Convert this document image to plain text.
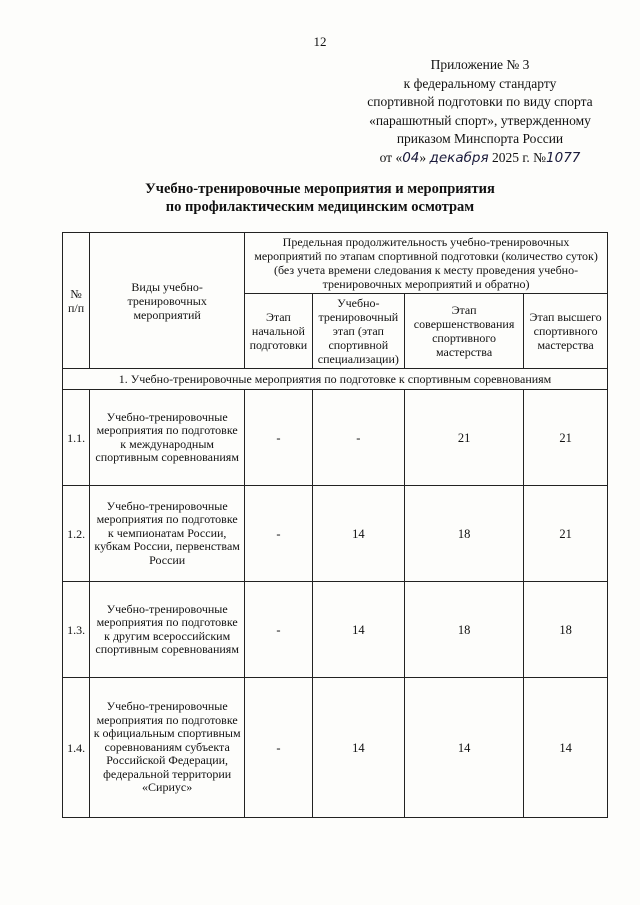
12
Приложение № 3
к федеральному стандарту
спортивной подготовки по виду спорта
«парашютный спорт», утвержденному
приказом Минспорта России
от «04» декабря 2025 г. №1077
Учебно-тренировочные мероприятия и мероприятия
по профилактическим медицинским осмотрам
№ п/п	Виды учебно-тренировочных мероприятий	Предельная продолжительность учебно-тренировочных мероприятий по этапам спортивной подготовки (количество суток) (без учета времени следования к месту проведения учебно-тренировочных мероприятий и обратно)			
		Этап начальной подготовки	Учебно-тренировочный этап (этап спортивной специализации)	Этап совершенствования спортивного мастерства	Этап высшего спортивного мастерства
1. Учебно-тренировочные мероприятия по подготовке к спортивным соревнованиям					
1.1.	Учебно-тренировочные мероприятия по подготовке к международным спортивным соревнованиям	-	-	21	21
1.2.	Учебно-тренировочные мероприятия по подготовке к чемпионатам России, кубкам России, первенствам России	-	14	18	21
1.3.	Учебно-тренировочные мероприятия по подготовке к другим всероссийским спортивным соревнованиям	-	14	18	18
1.4.	Учебно-тренировочные мероприятия по подготовке к официальным спортивным соревнованиям субъекта Российской Федерации, федеральной территории «Сириус»	-	14	14	14
